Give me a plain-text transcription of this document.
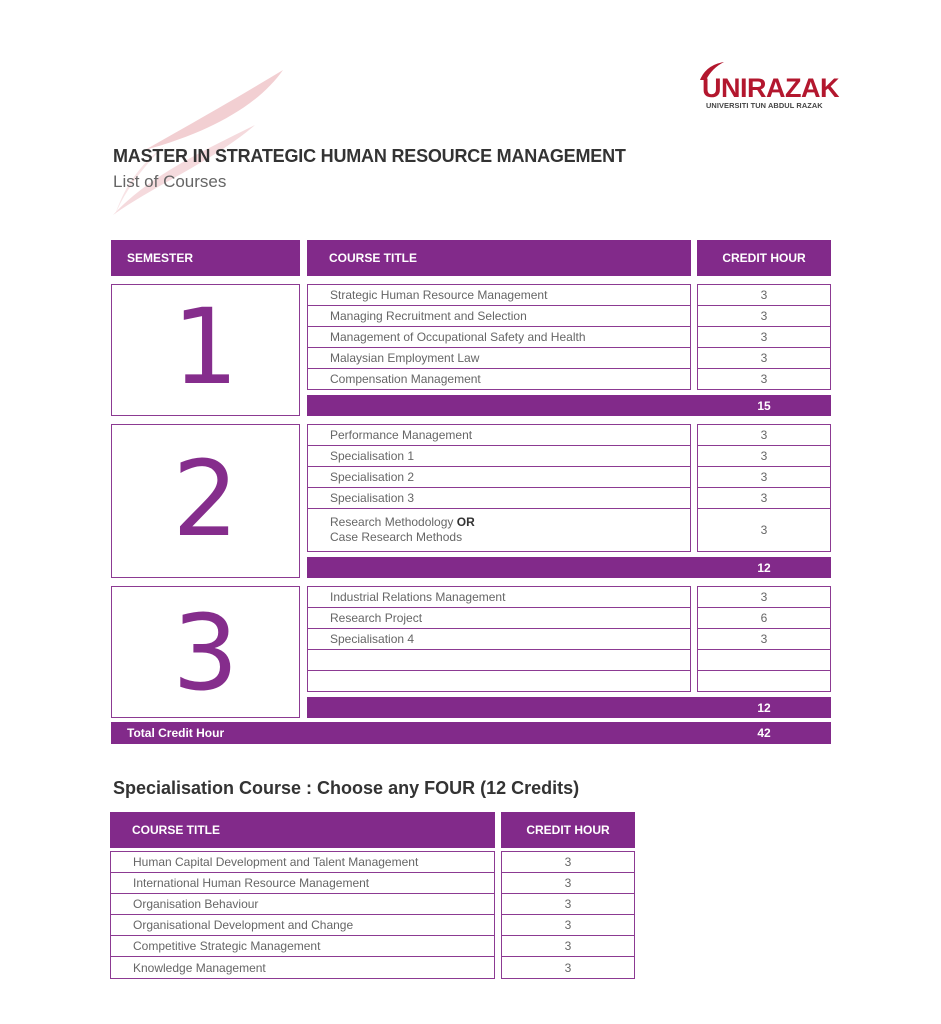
UNIRAZAK
UNIVERSITI TUN ABDUL RAZAK
MASTER IN STRATEGIC HUMAN RESOURCE MANAGEMENT
List of Courses
SEMESTER	COURSE TITLE	CREDIT HOUR
1	Strategic Human Resource Management	3
Managing Recruitment and Selection	3
Management of Occupational Safety and Health	3
Malaysian Employment Law	3
Compensation Management	3
15
2
Performance Management	3
Specialisation 1	3
Specialisation 2	3
Specialisation 3	3
Research Methodology OR
Case Research Methods	3
12
3	Industrial Relations Management	3
Research Project	6
Specialisation 4	3
12
Total Credit Hour	42
Specialisation Course : Choose any FOUR (12 Credits)
COURSE TITLE	CREDIT HOUR
Human Capital Development and Talent Management	3
International Human Resource Management	3
Organisation Behaviour	3
Organisational Development and Change	3
Competitive Strategic Management	3
Knowledge Management	3
